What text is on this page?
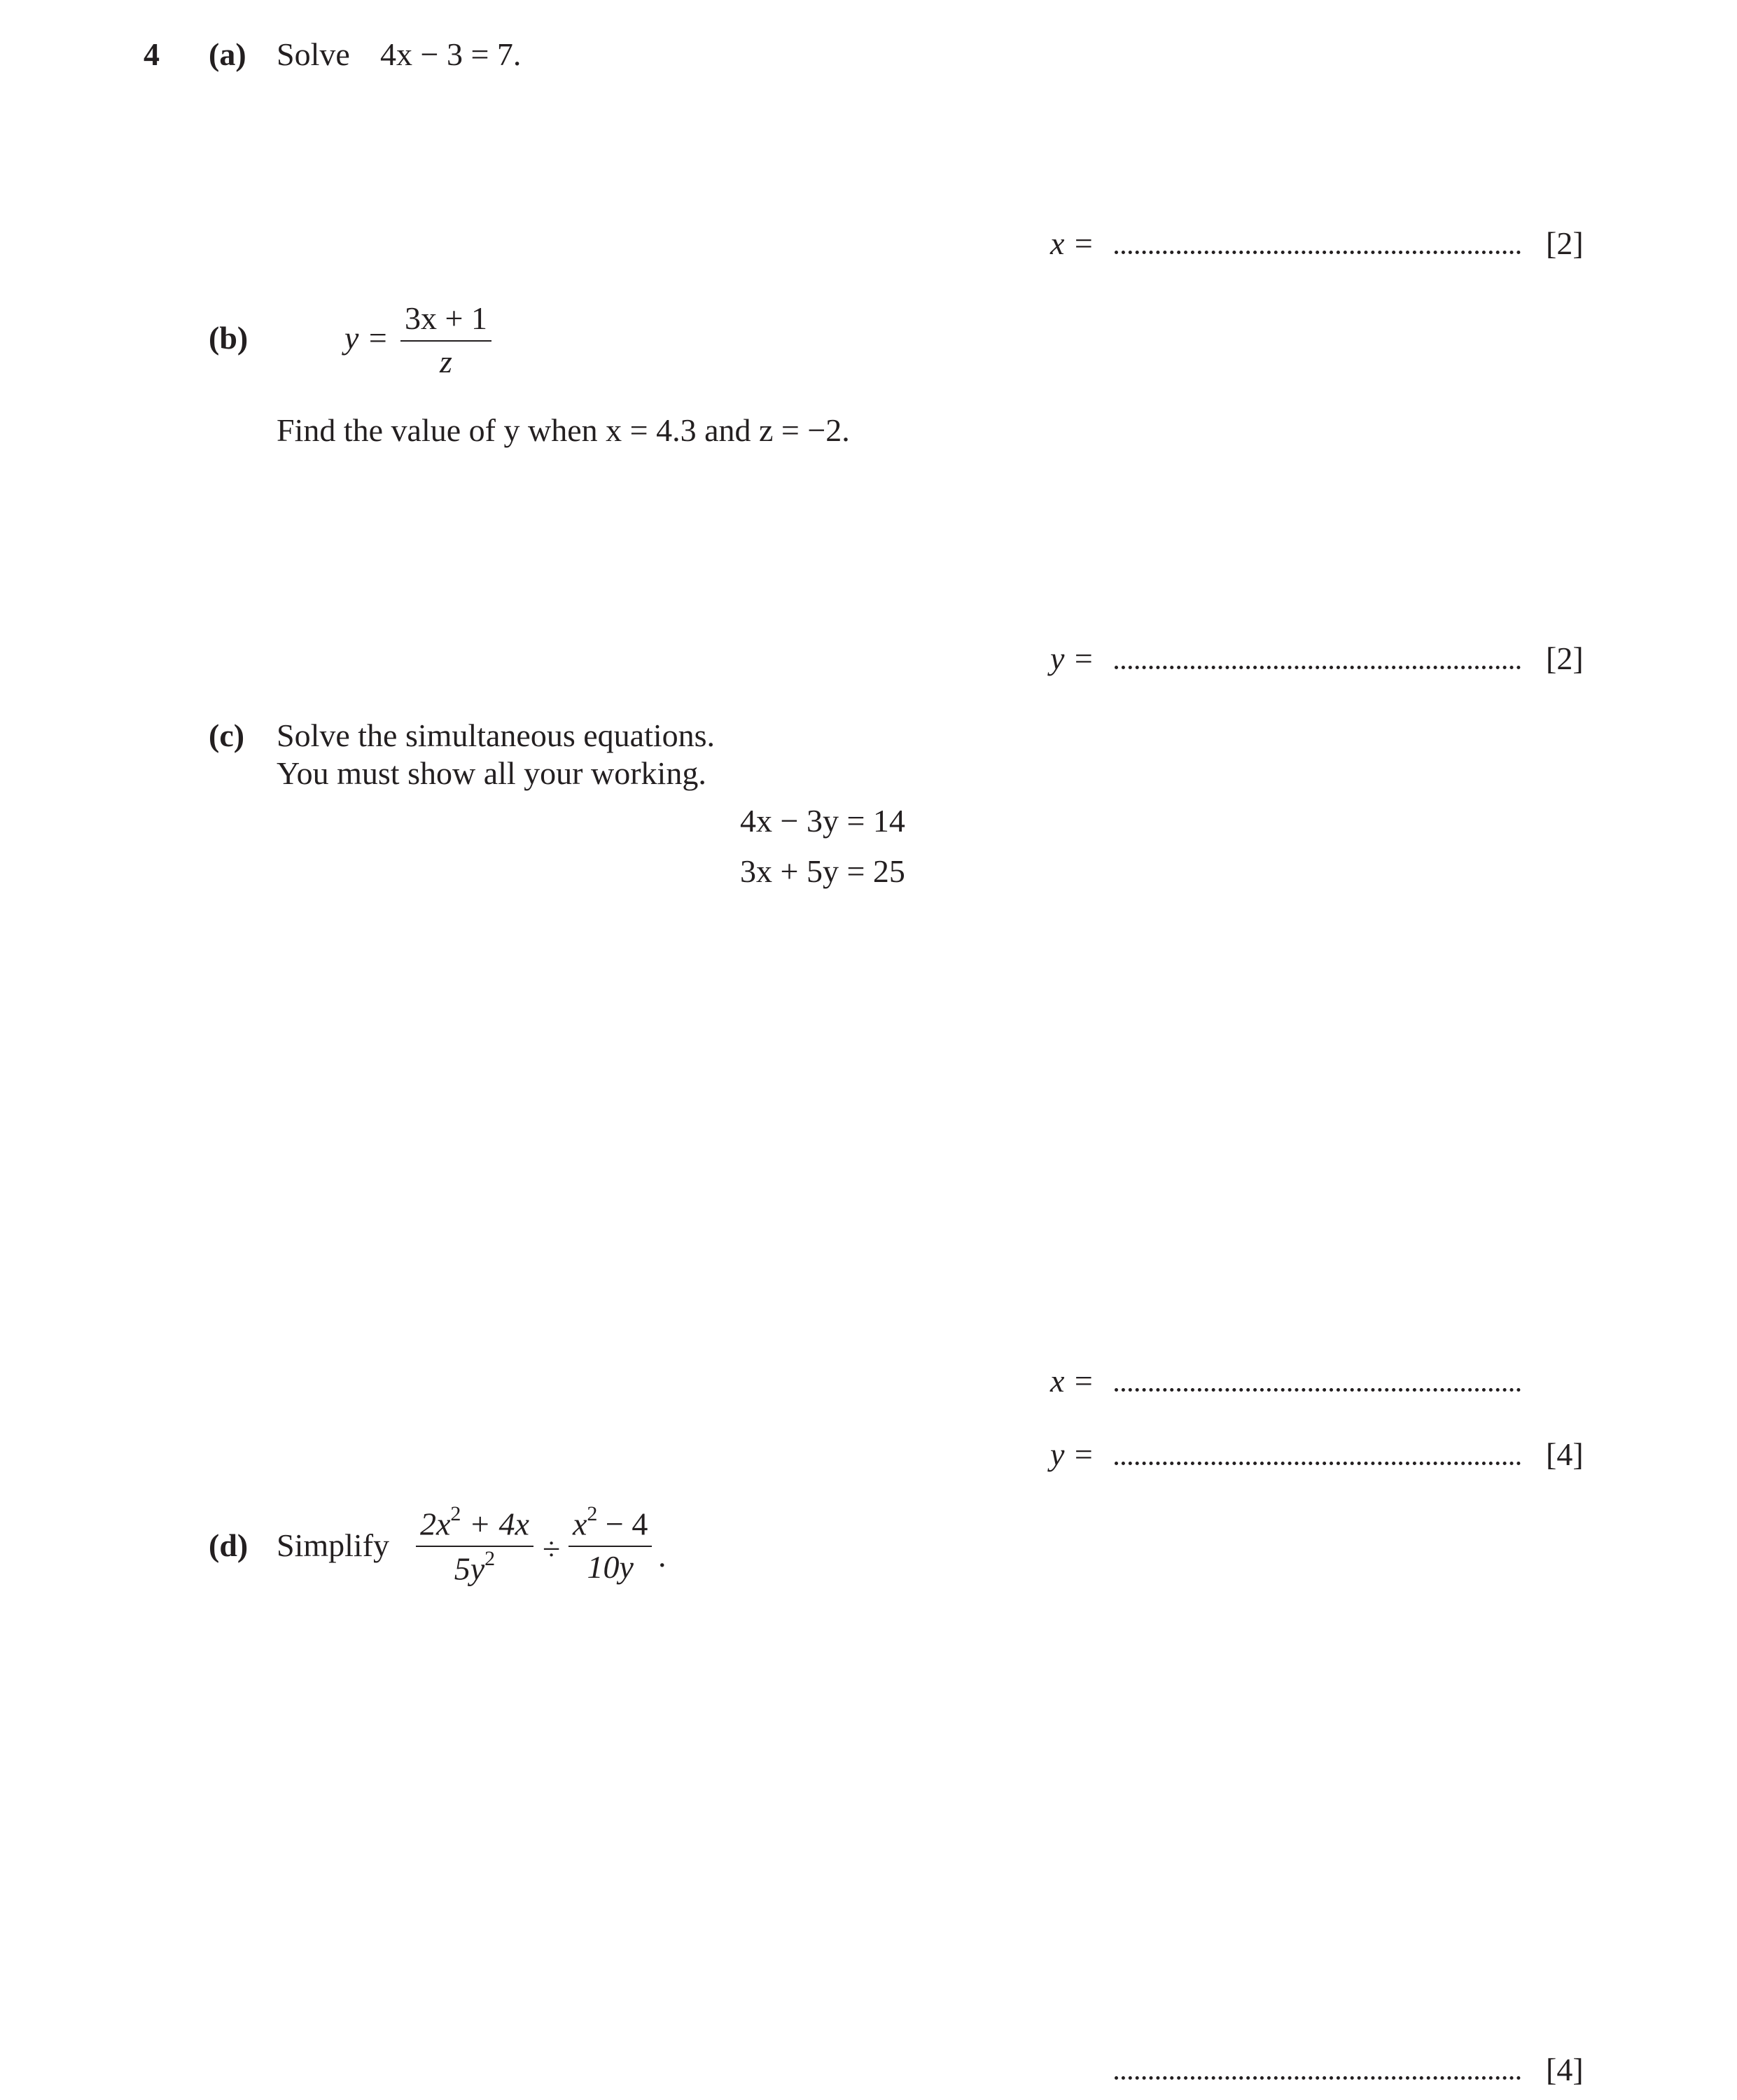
4 (a) Solve 4x − 3 = 7.
x =	[2]
(b)	y =
3x + 1
z
Find the value of y when x = 4.3 and z = −2.
y =	[2]
(c) Solve the simultaneous equations.
You must show all your working.
4x − 3y = 14
3x + 5y = 25
x =
y =	[4]
(d) Simplify
$2x^2 + 4x$
$5y^2$ ÷
$x^2 - 4$
10y .
[4]
